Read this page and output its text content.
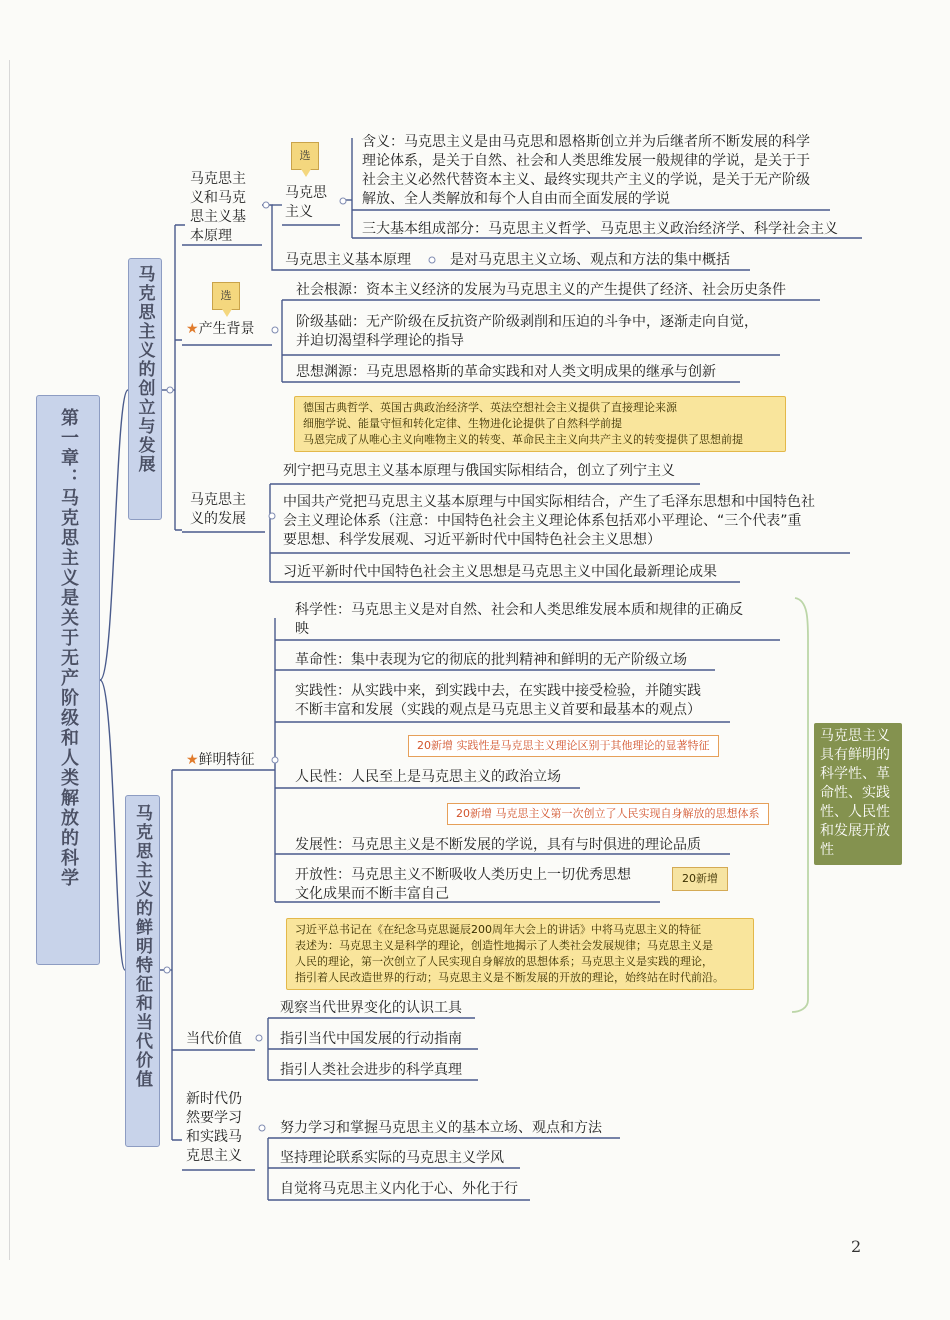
第一章：马克思主义是关于无产阶级和人类解放的科学
马克思主义的创立与发展
马克思主义和马克思主义基本原理
选
马克思主义
含义：马克思主义是由马克思和恩格斯创立并为后继者所不断发展的科学理论体系，是关于自然、社会和人类思维发展一般规律的学说，是关于于社会主义必然代替资本主义、最终实现共产主义的学说，是关于无产阶级解放、全人类解放和每个人自由而全面发展的学说
三大基本组成部分：马克思主义哲学、马克思主义政治经济学、科学社会主义
马克思主义基本原理	是对马克思主义立场、观点和方法的集中概括
选
★产生背景
社会根源：资本主义经济的发展为马克思主义的产生提供了经济、社会历史条件
阶级基础：无产阶级在反抗资产阶级剥削和压迫的斗争中，逐渐走向自觉，
并迫切渴望科学理论的指导
思想渊源：马克思恩格斯的革命实践和对人类文明成果的继承与创新
德国古典哲学、英国古典政治经济学、英法空想社会主义提供了直接理论来源
细胞学说、能量守恒和转化定律、生物进化论提供了自然科学前提
马恩完成了从唯心主义向唯物主义的转变、革命民主主义向共产主义的转变提供了思想前提
马克思主义的发展
列宁把马克思主义基本原理与俄国实际相结合，创立了列宁主义
中国共产党把马克思主义基本原理与中国实际相结合，产生了毛泽东思想和中国特色社
会主义理论体系（注意：中国特色社会主义理论体系包括邓小平理论、“三个代表”重
要思想、科学发展观、习近平新时代中国特色社会主义思想）
习近平新时代中国特色社会主义思想是马克思主义中国化最新理论成果
马克思主义的鲜明特征和当代价值
★鲜明特征
科学性：马克思主义是对自然、社会和人类思维发展本质和规律的正确反
映
革命性：集中表现为它的彻底的批判精神和鲜明的无产阶级立场
实践性：从实践中来，到实践中去，在实践中接受检验，并随实践
不断丰富和发展（实践的观点是马克思主义首要和最基本的观点）
20新增 实践性是马克思主义理论区别于其他理论的显著特征
人民性：人民至上是马克思主义的政治立场
20新增 马克思主义第一次创立了人民实现自身解放的思想体系
发展性：马克思主义是不断发展的学说，具有与时俱进的理论品质
开放性：马克思主义不断吸收人类历史上一切优秀思想
文化成果而不断丰富自己
20新增
习近平总书记在《在纪念马克思诞辰200周年大会上的讲话》中将马克思主义的特征
表述为：马克思主义是科学的理论，创造性地揭示了人类社会发展规律；马克思主义是
人民的理论，第一次创立了人民实现自身解放的思想体系；马克思主义是实践的理论，
指引着人民改造世界的行动；马克思主义是不断发展的开放的理论，始终站在时代前沿。
马克思主义具有鲜明的科学性、革命性、实践性、人民性和发展开放性
当代价值
观察当代世界变化的认识工具
指引当代中国发展的行动指南
指引人类社会进步的科学真理
新时代仍然要学习和实践马克思主义
努力学习和掌握马克思主义的基本立场、观点和方法
坚持理论联系实际的马克思主义学风
自觉将马克思主义内化于心、外化于行
2
